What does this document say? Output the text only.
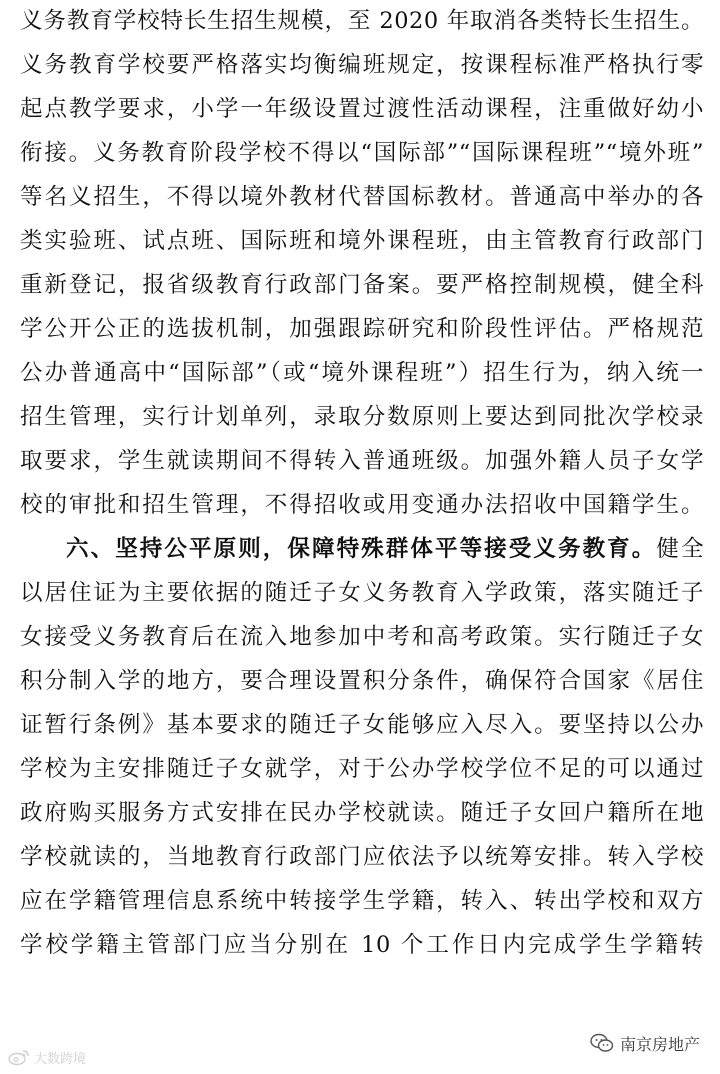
义务教育学校特长生招生规模，至 2020 年取消各类特长生招生。
义务教育学校要严格落实均衡编班规定，按课程标准严格执行零
起点教学要求，小学一年级设置过渡性活动课程，注重做好幼小
衔接。义务教育阶段学校不得以“国际部”“国际课程班”“境外班”
等名义招生，不得以境外教材代替国标教材。普通高中举办的各
类实验班、试点班、国际班和境外课程班，由主管教育行政部门
重新登记，报省级教育行政部门备案。要严格控制规模，健全科
学公开公正的选拔机制，加强跟踪研究和阶段性评估。严格规范
公办普通高中“国际部”（或“境外课程班”）招生行为，纳入统一
招生管理，实行计划单列，录取分数原则上要达到同批次学校录
取要求，学生就读期间不得转入普通班级。加强外籍人员子女学
校的审批和招生管理，不得招收或用变通办法招收中国籍学生。
六、坚持公平原则，保障特殊群体平等接受义务教育。健全
以居住证为主要依据的随迁子女义务教育入学政策，落实随迁子
女接受义务教育后在流入地参加中考和高考政策。实行随迁子女
积分制入学的地方，要合理设置积分条件，确保符合国家《居住
证暂行条例》基本要求的随迁子女能够应入尽入。要坚持以公办
学校为主安排随迁子女就学，对于公办学校学位不足的可以通过
政府购买服务方式安排在民办学校就读。随迁子女回户籍所在地
学校就读的，当地教育行政部门应依法予以统筹安排。转入学校
应在学籍管理信息系统中转接学生学籍，转入、转出学校和双方
学校学籍主管部门应当分别在 10 个工作日内完成学生学籍转
南京房地产
大数跨境
